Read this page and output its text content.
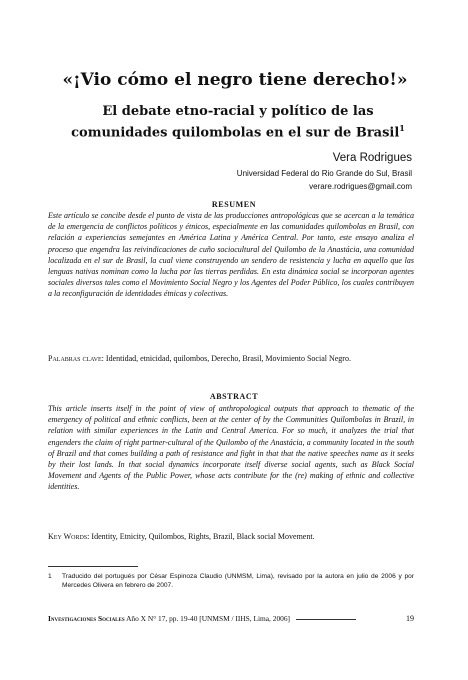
«¡Vio cómo el negro tiene derecho!»
El debate etno-racial y político de las comunidades quilombolas en el sur de Brasil$^1$
Vera Rodrigues
Universidad Federal do Rio Grande do Sul, Brasil
verare.rodrigues@gmail.com
RESUMEN
Este artículo se concibe desde el punto de vista de las producciones antropológicas que se acercan a la temática de la emergencia de conflictos políticos y étnicos, especialmente en las comunidades quilombolas en Brasil, con relación a experiencias semejantes en América Latina y América Central. Por tanto, este ensayo analiza el proceso que engendra las reivindicaciones de cuño sociocultural del Quilombo de la Anastácia, una comunidad localizada en el sur de Brasil, la cual viene construyendo un sendero de resistencia y lucha en aquello que las lenguas nativas nominan como la lucha por las tierras perdidas. En esta dinámica social se incorporan agentes sociales diversos tales como el Movimiento Social Negro y los Agentes del Poder Público, los cuales contribuyen a la reconfiguración de identidades étnicas y colectivas.
Palabras clave: Identidad, etnicidad, quilombos, Derecho, Brasil, Movimiento Social Negro.
ABSTRACT
This article inserts itself in the point of view of anthropological outputs that approach to thematic of the emergency of political and ethnic conflicts, been at the center of by the Communities Quilombolas in Brazil, in relation with similar experiences in the Latin and Central America. For so much, it analyzes the trial that engenders the claim of right partner-cultural of the Quilombo of the Anastácia, a community located in the south of Brazil and that comes building a path of resistance and fight in that that the native speeches name as it seeks by their lost lands. In that social dynamics incorporate itself diverse social agents, such as Black Social Movement and Agents of the Public Power, whose acts contribute for the (re) making of ethnic and collective identities.
Key Words: Identity, Etnicity, Quilombos, Rights, Brazil, Black social Movement.
1 Traducido del portugués por César Espinoza Claudio (UNMSM, Lima), revisado por la autora en julio de 2006 y por Mercedes Olivera en febrero de 2007.
Investigaciones Sociales Año X N° 17, pp. 19-40 [UNMSM / IIHS, Lima, 2006]	19
